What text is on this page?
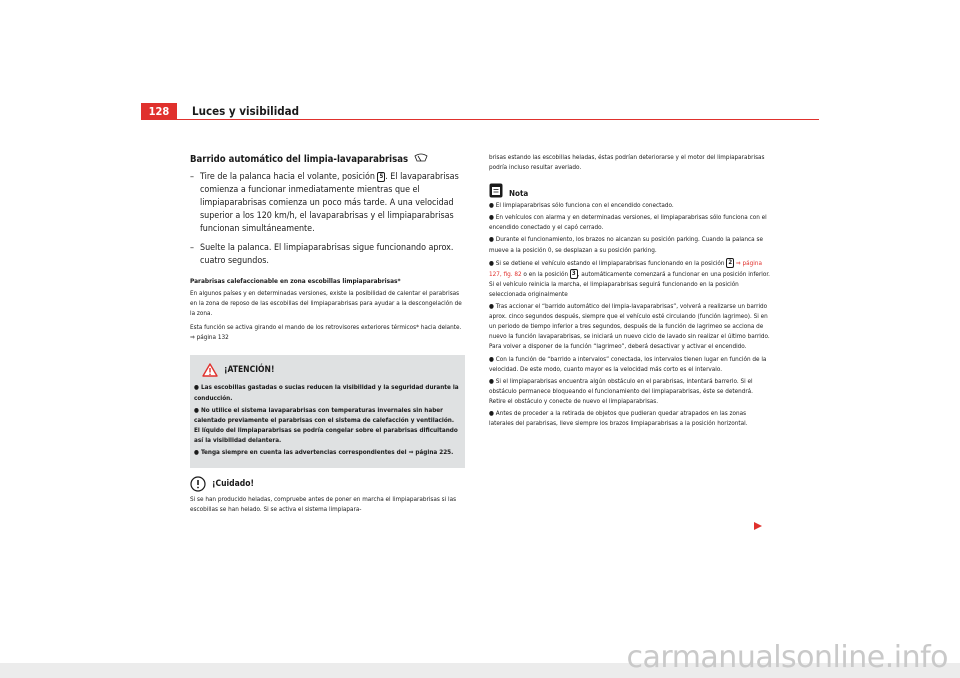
128	Luces y visibilidad
Barrido automático del limpia-lavaparabrisas
– Tire de la palanca hacia el volante, posición 5 . El lavaparabrisas comienza a funcionar inmediatamente mientras que el limpiaparabrisas comienza un poco más tarde. A una velocidad superior a los 120 km/h, el lavaparabrisas y el limpiaparabrisas funcionan simultáneamente.
– Suelte la palanca. El limpiaparabrisas sigue funcionando aprox. cuatro segundos.
Parabrisas calefaccionable en zona escobillas limpiaparabrisas*

En algunos países y en determinadas versiones, existe la posibilidad de calentar el parabrisas en la zona de reposo de las escobillas del limpiaparabrisas para ayudar a la descongelación de la zona.

Esta función se activa girando el mando de los retrovisores exteriores térmicos* hacia delante. ⇒ página 132

¡ATENCIÓN!
● Las escobillas gastadas o sucias reducen la visibilidad y la seguridad durante la conducción.
● No utilice el sistema lavaparabrisas con temperaturas invernales sin haber calentado previamente el parabrisas con el sistema de calefacción y ventilación. El líquido del limpiaparabrisas se podría congelar sobre el parabrisas dificultando así la visibilidad delantera.
● Tenga siempre en cuenta las advertencias correspondientes del ⇒ página 225.
¡Cuidado!

Si se han producido heladas, compruebe antes de poner en marcha el limpiaparabrisas si las escobillas se han helado. Si se activa el sistema limpiapara-

brisas estando las escobillas heladas, éstas podrían deteriorarse y el motor del limpiaparabrisas podría incluso resultar averiado.

Nota
● El limpiaparabrisas sólo funciona con el encendido conectado.
● En vehículos con alarma y en determinadas versiones, el limpiaparabrisas sólo funciona con el encendido conectado y el capó cerrado.
● Durante el funcionamiento, los brazos no alcanzan su posición parking. Cuando la palanca se mueve a la posición 0, se desplazan a su posición parking.
● Si se detiene el vehículo estando el limpiaparabrisas funcionando en la posición 2 ⇒ página 127, fig. 82 o en la posición 3 , automáticamente comenzará a funcionar en una posición inferior. Si el vehículo reinicia la marcha, el limpiaparabrisas seguirá funcionando en la posición seleccionada originalmente
● Tras accionar el “barrido automático del limpia-lavaparabrisas”, volverá a realizarse un barrido aprox. cinco segundos después, siempre que el vehículo esté circulando (función lagrimeo). Si en un periodo de tiempo inferior a tres segundos, después de la función de lagrimeo se acciona de nuevo la función lavaparabrisas, se iniciará un nuevo ciclo de lavado sin realizar el último barrido. Para volver a disponer de la función “lagrimeo”, deberá desactivar y activar el encendido.
● Con la función de “barrido a intervalos” conectada, los intervalos tienen lugar en función de la velocidad. De este modo, cuanto mayor es la velocidad más corto es el intervalo.
● Si el limpiaparabrisas encuentra algún obstáculo en el parabrisas, intentará barrerlo. Si el obstáculo permanece bloqueando el funcionamiento del limpiaparabrisas, éste se detendrá. Retire el obstáculo y conecte de nuevo el limpiaparabrisas.
● Antes de proceder a la retirada de objetos que pudieran quedar atrapados en las zonas laterales del parabrisas, lleve siempre los brazos limpiaparabrisas a la posición horizontal.
carmanualsonline.info
